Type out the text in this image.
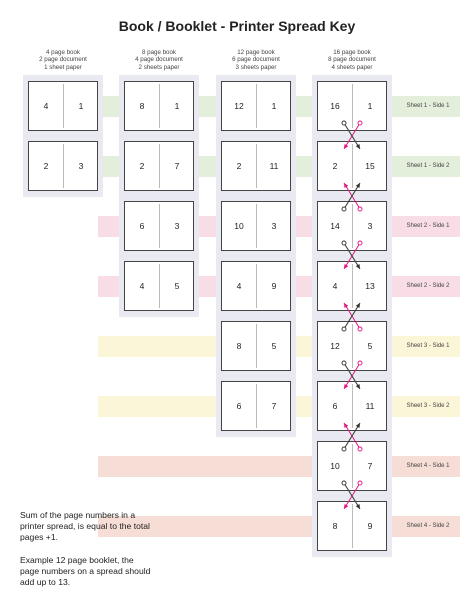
Book / Booklet - Printer Spread Key
4 page book
2 page document
1 sheet paper
4	1
2	3
8 page book
4 page document
2 sheets paper
8	1
2	7
6	3
4	5
12 page book
6 page document
3 sheets paper
12	1
2	11
10	3
4	9
8	5
6	7
16 page book
8 page document
4 sheets paper
16	1
2	15
14	3
4	13
12	5
6	11
10	7
8	9
Sheet 1 - Side 1
Sheet 1 - Side 2
Sheet 2 - Side 1
Sheet 2 - Side 2
Sheet 3 - Side 1
Sheet 3 - Side 2
Sheet 4 - Side 1
Sheet 4 - Side 2
Sum of the page numbers in a printer spread, is equal to the total pages +1.
Example 12 page booklet, the page numbers on a spread should add up to 13.
